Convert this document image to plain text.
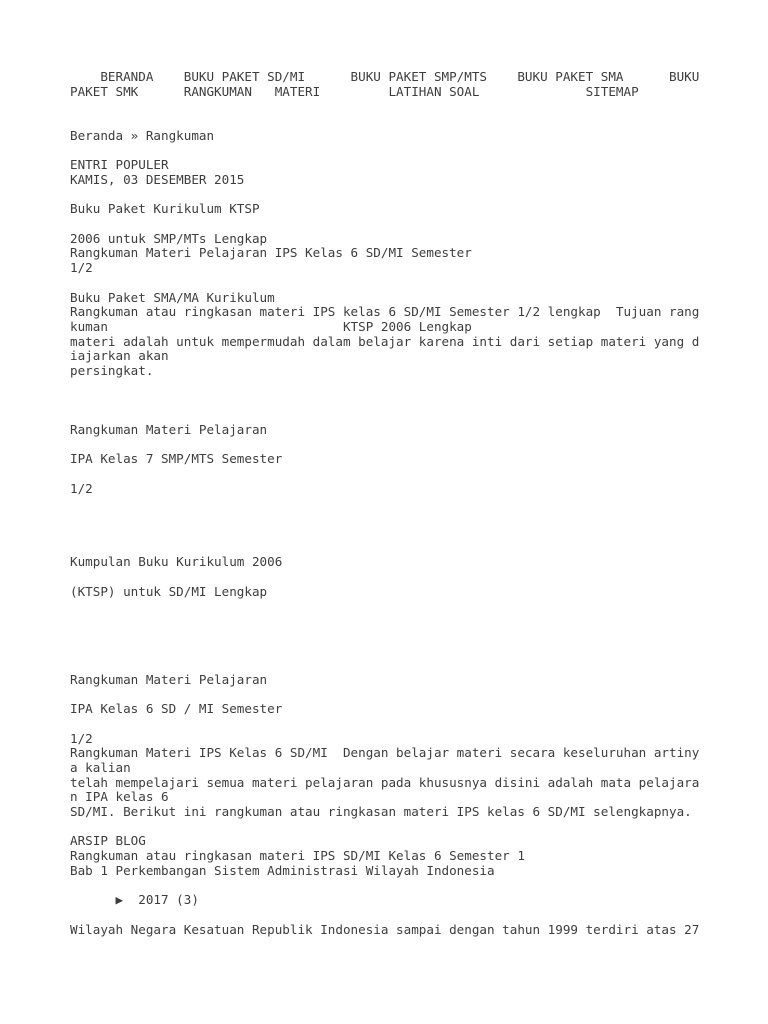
BERANDA    BUKU PAKET SD/MI      BUKU PAKET SMP/MTS    BUKU PAKET SMA      BUKU
PAKET SMK      RANGKUMAN   MATERI         LATIHAN SOAL              SITEMAP
Beranda » Rangkuman
ENTRI POPULER
KAMIS, 03 DESEMBER 2015
Buku Paket Kurikulum KTSP
2006 untuk SMP/MTs Lengkap
Rangkuman Materi Pelajaran IPS Kelas 6 SD/MI Semester
1/2
Buku Paket SMA/MA Kurikulum
Rangkuman atau ringkasan materi IPS kelas 6 SD/MI Semester 1/2 lengkap  Tujuan rang
kuman                               KTSP 2006 Lengkap
materi adalah untuk mempermudah dalam belajar karena inti dari setiap materi yang d
iajarkan akan
persingkat.
Rangkuman Materi Pelajaran
IPA Kelas 7 SMP/MTS Semester
1/2
Kumpulan Buku Kurikulum 2006
(KTSP) untuk SD/MI Lengkap
Rangkuman Materi Pelajaran
IPA Kelas 6 SD / MI Semester
1/2
Rangkuman Materi IPS Kelas 6 SD/MI  Dengan belajar materi secara keseluruhan artiny
a kalian
telah mempelajari semua materi pelajaran pada khususnya disini adalah mata pelajara
n IPA kelas 6
SD/MI. Berikut ini rangkuman atau ringkasan materi IPS kelas 6 SD/MI selengkapnya.
ARSIP BLOG
Rangkuman atau ringkasan materi IPS SD/MI Kelas 6 Semester 1
Bab 1 Perkembangan Sistem Administrasi Wilayah Indonesia

▶  2017 (3)

Wilayah Negara Kesatuan Republik Indonesia sampai dengan tahun 1999 terdiri atas 27
